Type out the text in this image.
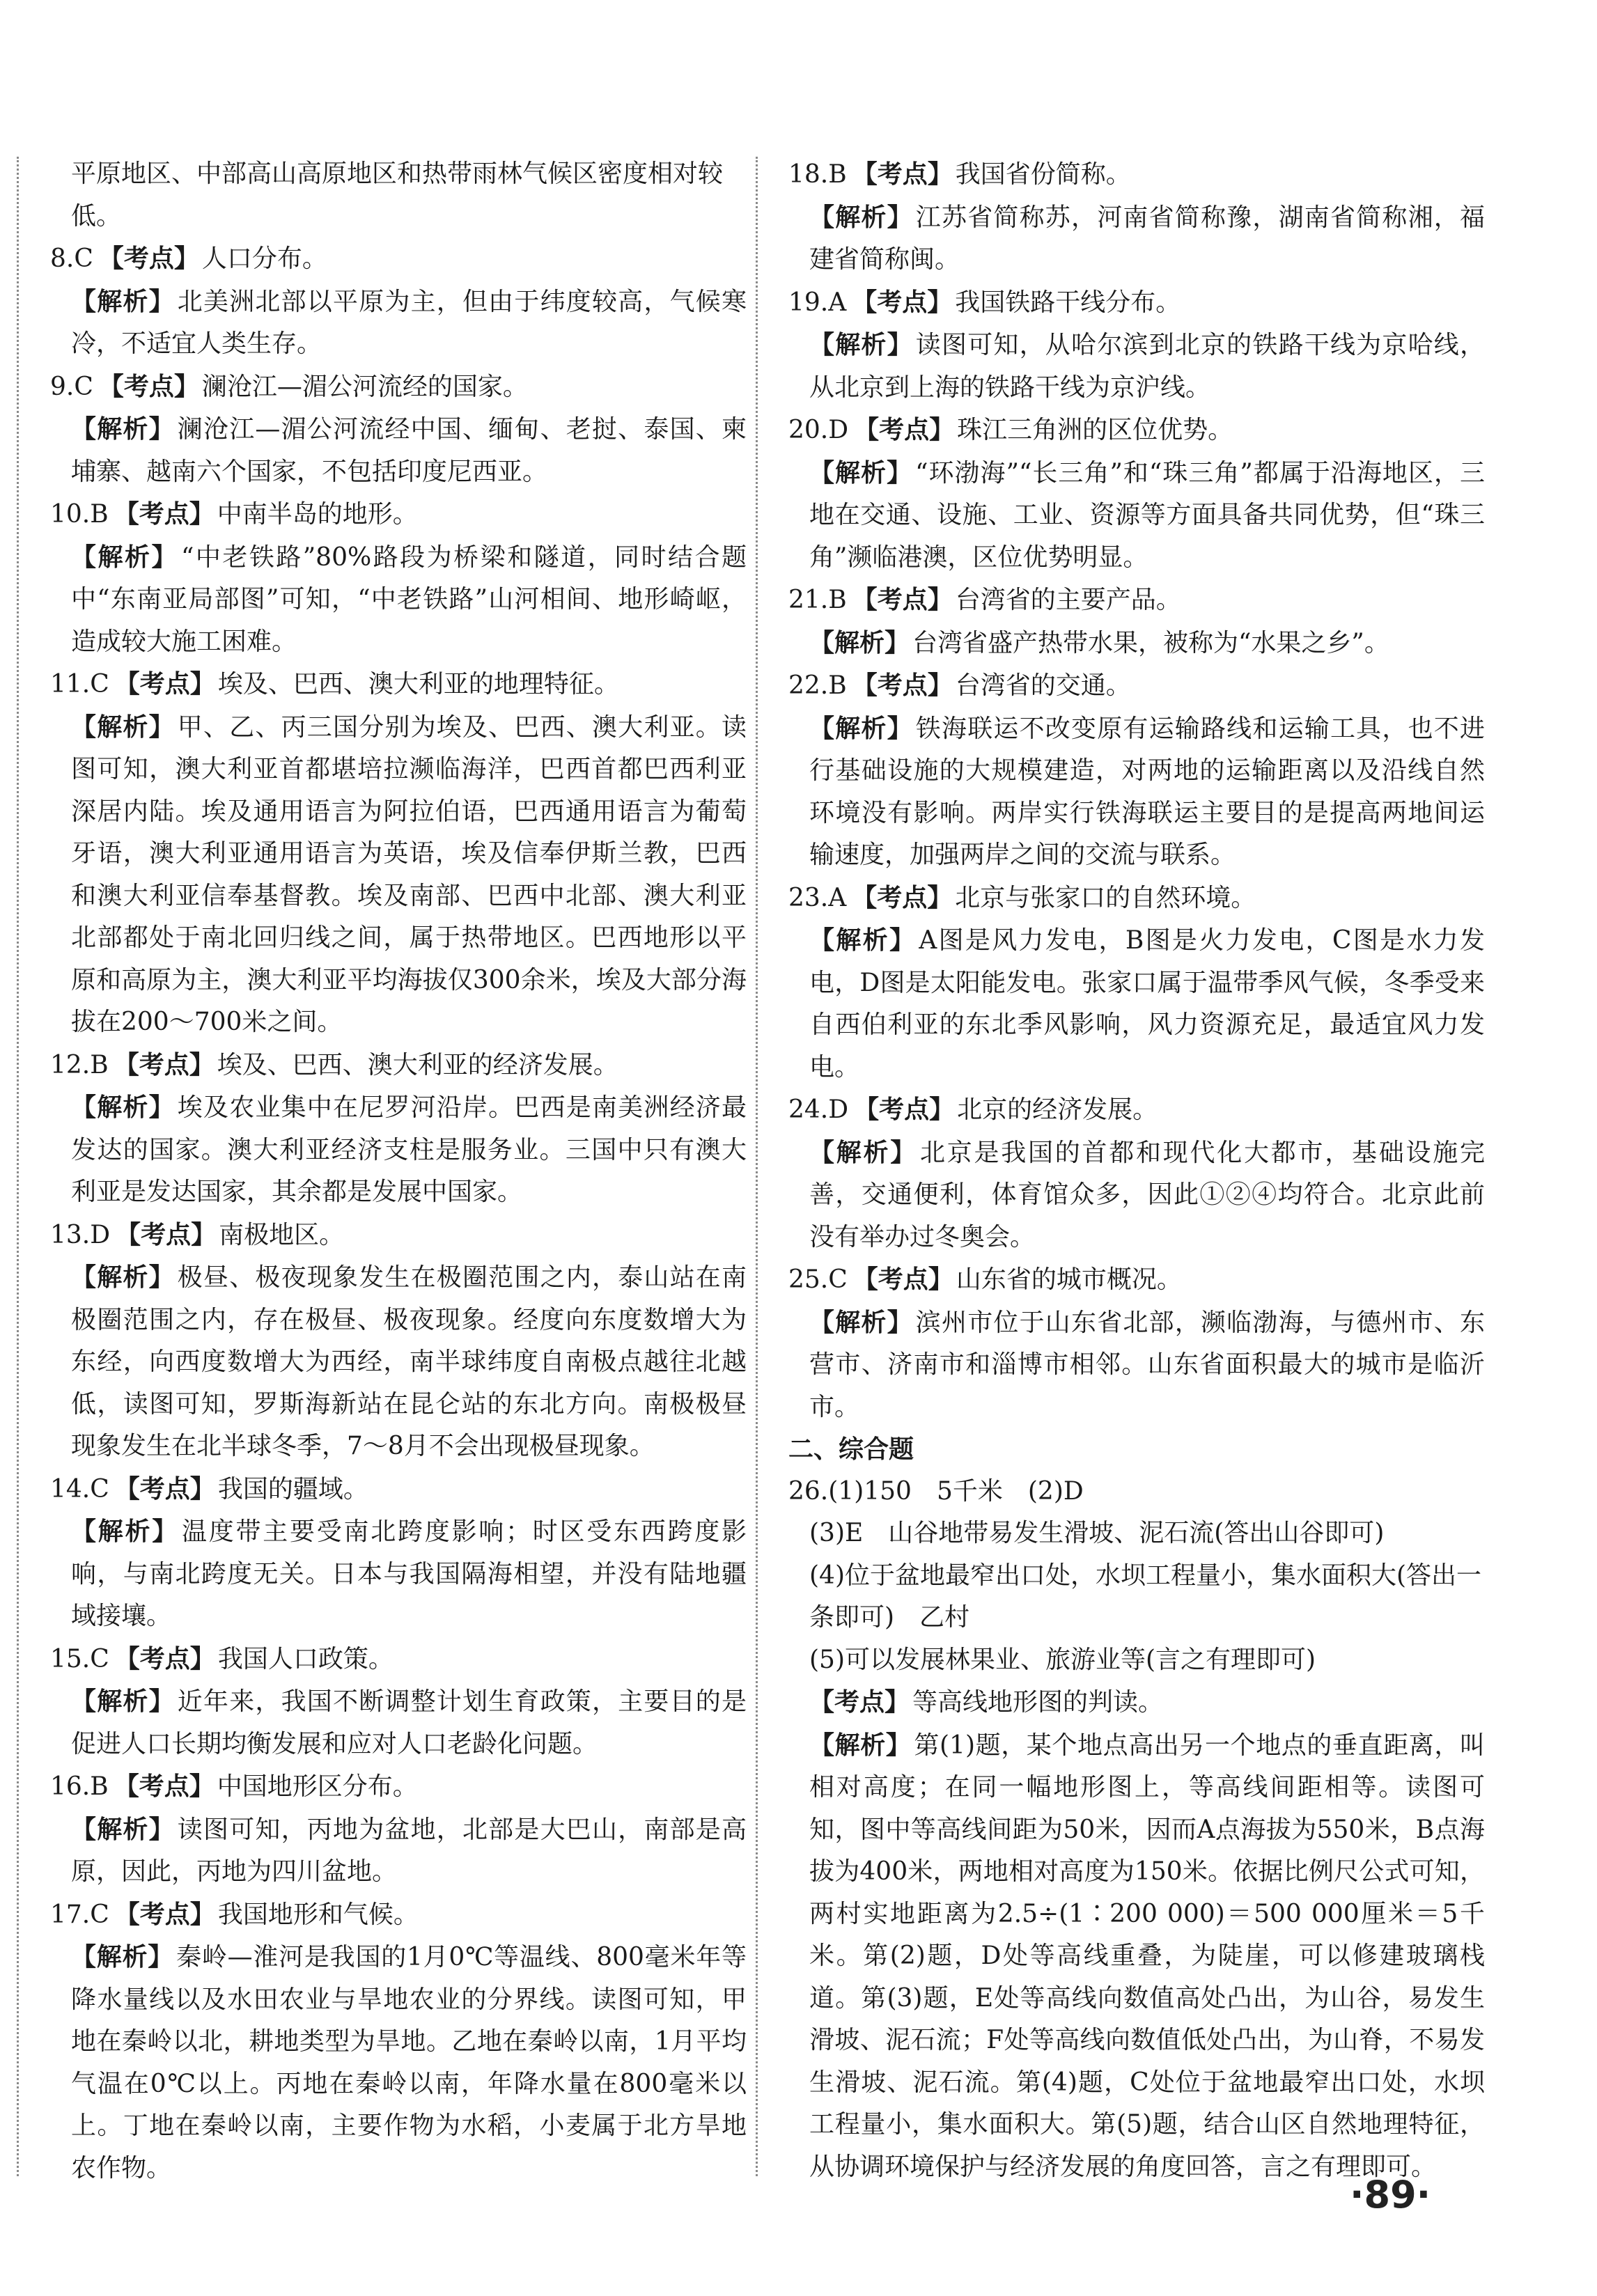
平原地区、中部高山高原地区和热带雨林气候区密度相对较低。
8.C 【考点】 人口分布。
【解析】 北美洲北部以平原为主，但由于纬度较高，气候寒冷，不适宜人类生存。
9.C 【考点】 澜沧江—湄公河流经的国家。
【解析】 澜沧江—湄公河流经中国、缅甸、老挝、泰国、柬埔寨、越南六个国家，不包括印度尼西亚。
10.B 【考点】 中南半岛的地形。
【解析】 “中老铁路”80%路段为桥梁和隧道，同时结合题中“东南亚局部图”可知，“中老铁路”山河相间、地形崎岖，造成较大施工困难。
11.C 【考点】 埃及、巴西、澳大利亚的地理特征。
【解析】 甲、乙、丙三国分别为埃及、巴西、澳大利亚。读图可知，澳大利亚首都堪培拉濒临海洋，巴西首都巴西利亚深居内陆。埃及通用语言为阿拉伯语，巴西通用语言为葡萄牙语，澳大利亚通用语言为英语，埃及信奉伊斯兰教，巴西和澳大利亚信奉基督教。埃及南部、巴西中北部、澳大利亚北部都处于南北回归线之间，属于热带地区。巴西地形以平原和高原为主，澳大利亚平均海拔仅300余米，埃及大部分海拔在200～700米之间。
12.B 【考点】 埃及、巴西、澳大利亚的经济发展。
【解析】 埃及农业集中在尼罗河沿岸。巴西是南美洲经济最发达的国家。澳大利亚经济支柱是服务业。三国中只有澳大利亚是发达国家，其余都是发展中国家。
13.D 【考点】 南极地区。
【解析】 极昼、极夜现象发生在极圈范围之内，泰山站在南极圈范围之内，存在极昼、极夜现象。经度向东度数增大为东经，向西度数增大为西经，南半球纬度自南极点越往北越低，读图可知，罗斯海新站在昆仑站的东北方向。南极极昼现象发生在北半球冬季，7～8月不会出现极昼现象。
14.C 【考点】 我国的疆域。
【解析】 温度带主要受南北跨度影响；时区受东西跨度影响，与南北跨度无关。日本与我国隔海相望，并没有陆地疆域接壤。
15.C 【考点】 我国人口政策。
【解析】 近年来，我国不断调整计划生育政策，主要目的是促进人口长期均衡发展和应对人口老龄化问题。
16.B 【考点】 中国地形区分布。
【解析】 读图可知，丙地为盆地，北部是大巴山，南部是高原，因此，丙地为四川盆地。
17.C 【考点】 我国地形和气候。
【解析】 秦岭—淮河是我国的1月0℃等温线、800毫米年等降水量线以及水田农业与旱地农业的分界线。读图可知，甲地在秦岭以北，耕地类型为旱地。乙地在秦岭以南，1月平均气温在0℃以上。丙地在秦岭以南，年降水量在800毫米以上。丁地在秦岭以南，主要作物为水稻，小麦属于北方旱地农作物。
18.B 【考点】 我国省份简称。
【解析】 江苏省简称苏，河南省简称豫，湖南省简称湘，福建省简称闽。
19.A 【考点】 我国铁路干线分布。
【解析】 读图可知，从哈尔滨到北京的铁路干线为京哈线，从北京到上海的铁路干线为京沪线。
20.D 【考点】 珠江三角洲的区位优势。
【解析】 “环渤海”“长三角”和“珠三角”都属于沿海地区，三地在交通、设施、工业、资源等方面具备共同优势，但“珠三角”濒临港澳，区位优势明显。
21.B 【考点】 台湾省的主要产品。
【解析】 台湾省盛产热带水果，被称为“水果之乡”。
22.B 【考点】 台湾省的交通。
【解析】 铁海联运不改变原有运输路线和运输工具，也不进行基础设施的大规模建造，对两地的运输距离以及沿线自然环境没有影响。两岸实行铁海联运主要目的是提高两地间运输速度，加强两岸之间的交流与联系。
23.A 【考点】 北京与张家口的自然环境。
【解析】 A图是风力发电，B图是火力发电，C图是水力发电，D图是太阳能发电。张家口属于温带季风气候，冬季受来自西伯利亚的东北季风影响，风力资源充足，最适宜风力发电。
24.D 【考点】 北京的经济发展。
【解析】 北京是我国的首都和现代化大都市，基础设施完善，交通便利，体育馆众多，因此①②④均符合。北京此前没有举办过冬奥会。
25.C 【考点】 山东省的城市概况。
【解析】 滨州市位于山东省北部，濒临渤海，与德州市、东营市、济南市和淄博市相邻。山东省面积最大的城市是临沂市。
二、综合题
26.(1)150　5千米　(2)D
(3)E　山谷地带易发生滑坡、泥石流(答出山谷即可)
(4)位于盆地最窄出口处，水坝工程量小，集水面积大(答出一条即可)　乙村
(5)可以发展林果业、旅游业等(言之有理即可)
【考点】 等高线地形图的判读。
【解析】 第(1)题，某个地点高出另一个地点的垂直距离，叫相对高度；在同一幅地形图上，等高线间距相等。读图可知，图中等高线间距为50米，因而A点海拔为550米，B点海拔为400米，两地相对高度为150米。依据比例尺公式可知，两村实地距离为2.5÷(1∶200 000)＝500 000厘米＝5千米。第(2)题，D处等高线重叠，为陡崖，可以修建玻璃栈道。第(3)题，E处等高线向数值高处凸出，为山谷，易发生滑坡、泥石流；F处等高线向数值低处凸出，为山脊，不易发生滑坡、泥石流。第(4)题，C处位于盆地最窄出口处，水坝工程量小，集水面积大。第(5)题，结合山区自然地理特征，从协调环境保护与经济发展的角度回答，言之有理即可。
·89·
